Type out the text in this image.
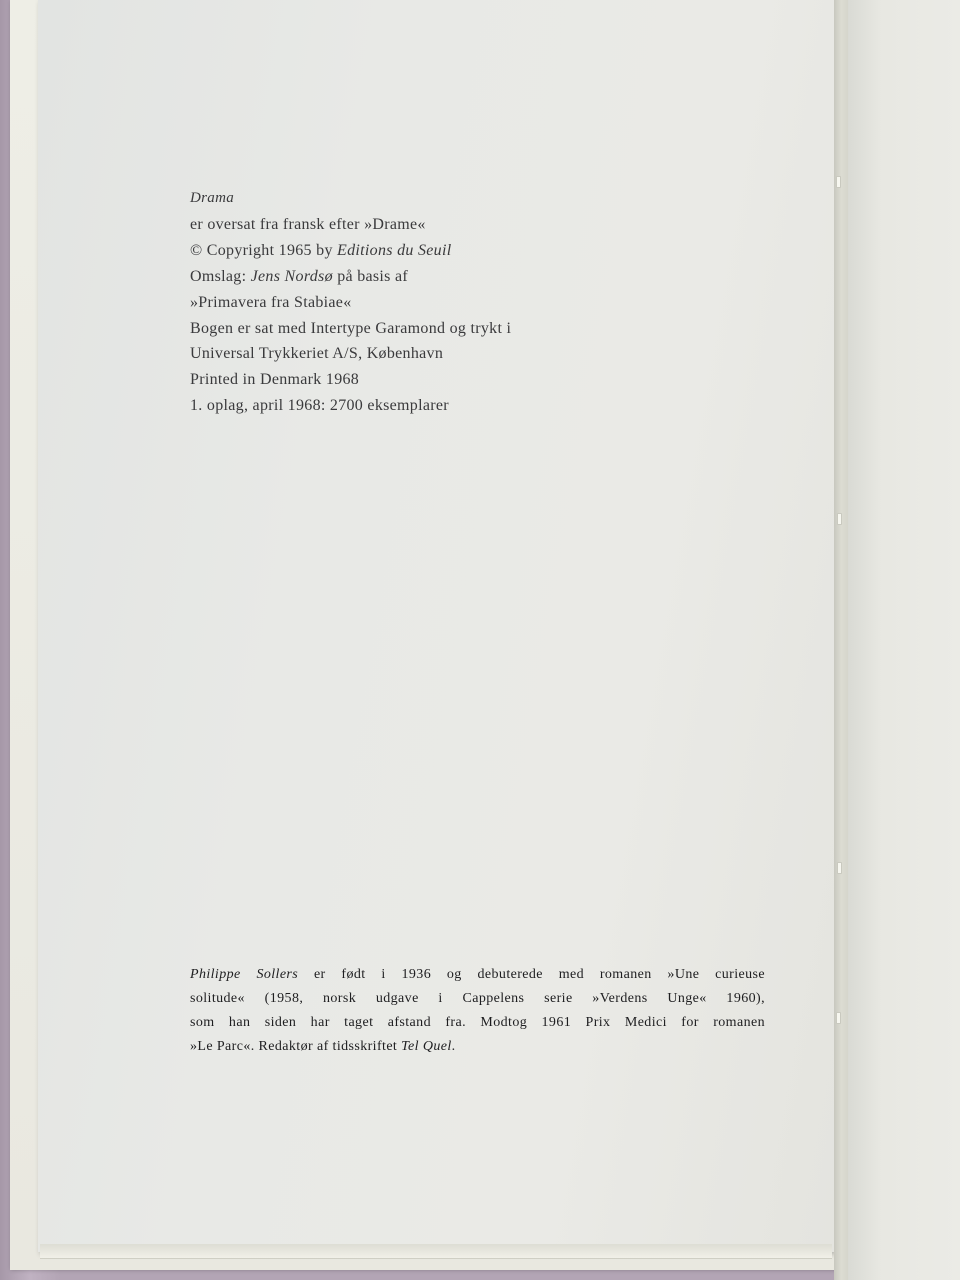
Drama
er oversat fra fransk efter »Drame«
© Copyright 1965 by Editions du Seuil
Omslag: Jens Nordsø på basis af
»Primavera fra Stabiae«
Bogen er sat med Intertype Garamond og trykt i
Universal Trykkeriet A/S, København
Printed in Denmark 1968
1. oplag, april 1968: 2700 eksemplarer
Philippe Sollers er født i 1936 og debuterede med romanen »Une curieuse
solitude« (1958, norsk udgave i Cappelens serie »Verdens Unge« 1960),
som han siden har taget afstand fra. Modtog 1961 Prix Medici for romanen
»Le Parc«. Redaktør af tidsskriftet Tel Quel.
